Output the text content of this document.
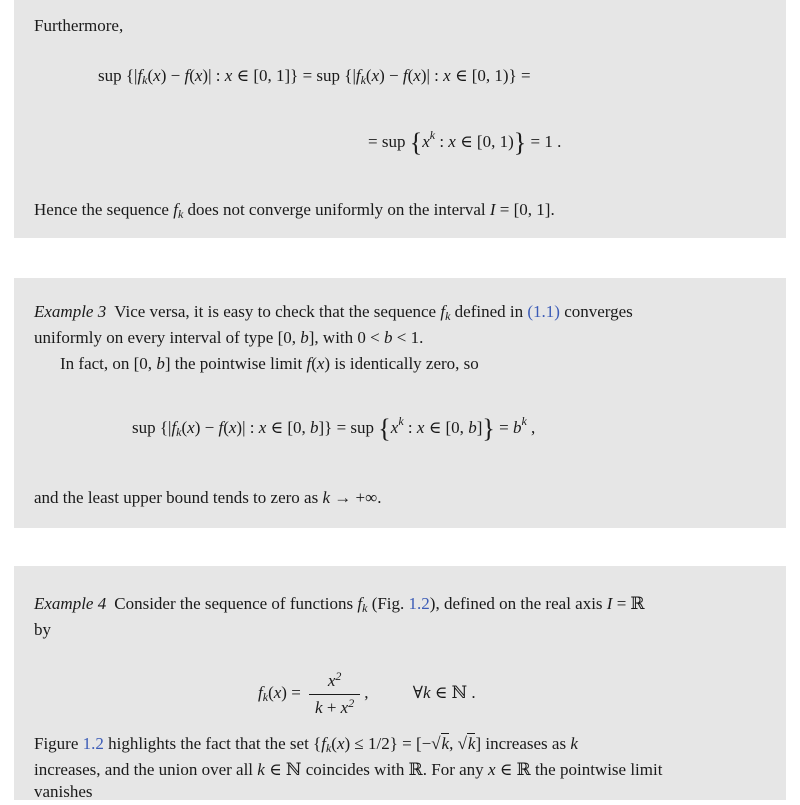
Furthermore,
sup {$|f_k(x) - f(x)|$ : x ∈ [0, 1]} = sup {$|f_k(x) - f(x)|$ : x ∈ [0, 1)} =
= sup {$x^k$ : x ∈ [0, 1)} = 1 .
Hence the sequence $f_k$ does not converge uniformly on the interval I = [0, 1].
Example 3 Vice versa, it is easy to check that the sequence $f_k$ defined in (1.1) converges
uniformly on every interval of type [0, b], with 0 < b < 1.
In fact, on [0, b] the pointwise limit f(x) is identically zero, so
sup {$|f_k(x) - f(x)|$ : x ∈ [0, b]} = sup {$x^k$ : x ∈ [0, $b]\} = b^k$ ,
and the least upper bound tends to zero as k → +∞.
Example 4 Consider the sequence of functions $f_k$ (Fig. 1.2), defined on the real axis I = ℝ
by
$f_k(x) = \frac{x^2}{k + x^2}$ , ∀k ∈ ℕ .
Figure 1.2 highlights the fact that the set $\{f_k(x) \le 1/2\} = [-√k$, √k] increases as k
increases, and the union over all k ∈ ℕ coincides with ℝ. For any x ∈ ℝ the pointwise limit
vanishes
